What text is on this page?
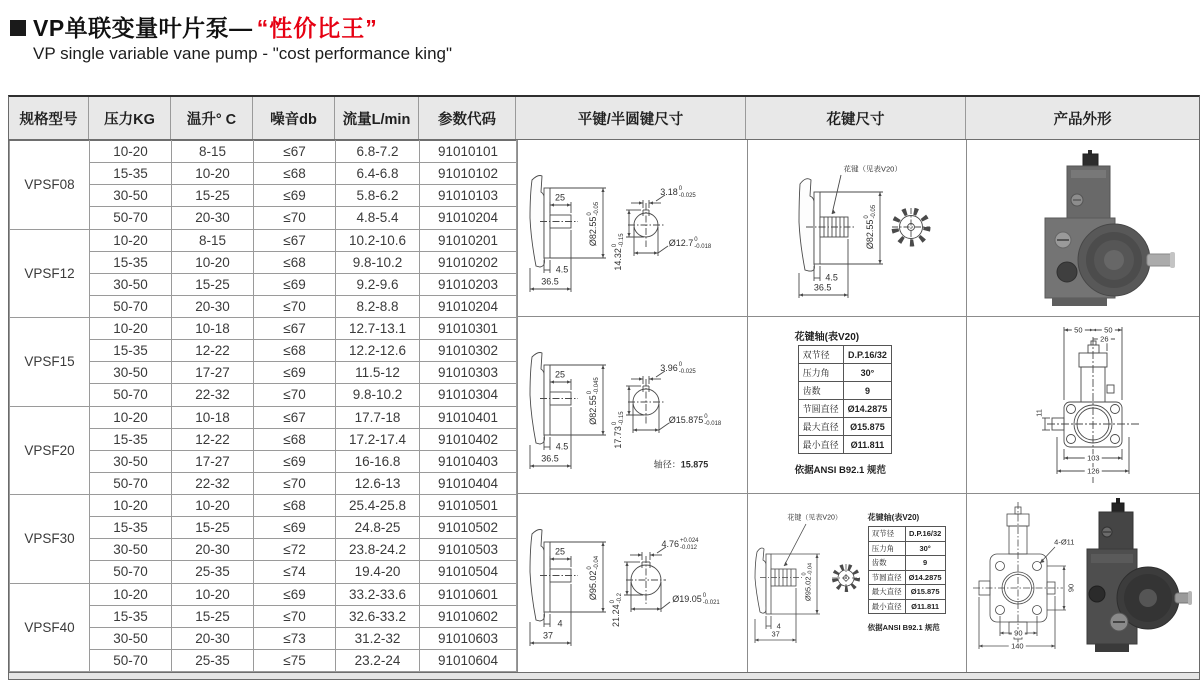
VP单联变量叶片泵— “性价比王”
VP single variable vane pump - "cost performance king"
规格型号	压力KG	温升° C	噪音db	流量L/min	参数代码	平键/半圆键尺寸	花键尺寸	产品外形
VPSF08	10-20	8-15	≤67	6.8-7.2	91010101
	15-35	10-20	≤68	6.4-6.8	91010102
	30-50	15-25	≤69	5.8-6.2	91010103
	50-70	20-30	≤70	4.8-5.4	91010204
VPSF12	10-20	8-15	≤67	10.2-10.6	91010201
	15-35	10-20	≤68	9.8-10.2	91010202
	30-50	15-25	≤69	9.2-9.6	91010203
	50-70	20-30	≤70	8.2-8.8	91010204
VPSF15	10-20	10-18	≤67	12.7-13.1	91010301
	15-35	12-22	≤68	12.2-12.6	91010302
	30-50	17-27	≤69	11.5-12	91010303
	50-70	22-32	≤70	9.8-10.2	91010304
VPSF20	10-20	10-18	≤67	17.7-18	91010401
	15-35	12-22	≤68	17.2-17.4	91010402
	30-50	17-27	≤69	16-16.8	91010403
	50-70	22-32	≤70	12.6-13	91010404
VPSF30	10-20	10-20	≤68	25.4-25.8	91010501
	15-35	15-25	≤69	24.8-25	91010502
	30-50	20-30	≤72	23.8-24.2	91010503
	50-70	25-35	≤74	19.4-20	91010504
VPSF40	10-20	10-20	≤69	33.2-33.6	91010601
	15-35	15-25	≤70	32.6-33.2	91010602
	30-50	20-30	≤73	31.2-32	91010603
	50-70	25-35	≤75	23.2-24	91010604
25
Ø82.55
0 -0.05
4.5
36.5
3.18 0
-0.025
Ø12.7 0
-0.018
14.32
0 -0.15
25
Ø82.55
0 -0.045
4.5
36.5
3.96 0
-0.025
Ø15.875 0
-0.018
17.73
0 -0.15
轴径： 15.875
25
Ø95.02
0 -0.04
4
37
4.76 +0.024
-0.012
Ø19.05 0
-0.021
21.24
0 -0.2
花键（见表V20）
Ø82.55
0 -0.05
4.5
36.5
花键轴(表V20)
双节径	D.P.16/32
压力角	30°
齿数	9
节圆直径	Ø14.2875
最大直径	Ø15.875
最小直径	Ø11.811
依据ANSI B92.1 规范
花键（见表V20）
Ø95.02
0 -0.04
4
37
花键轴(表V20)
双节径	D.P.16/32
压力角	30°
齿数	9
节圆直径	Ø14.2875
最大直径	Ø15.875
最小直径	Ø11.811
依据ANSI B92.1 规范
50	50
26
11
103
126
4-Ø11
90
90
140
